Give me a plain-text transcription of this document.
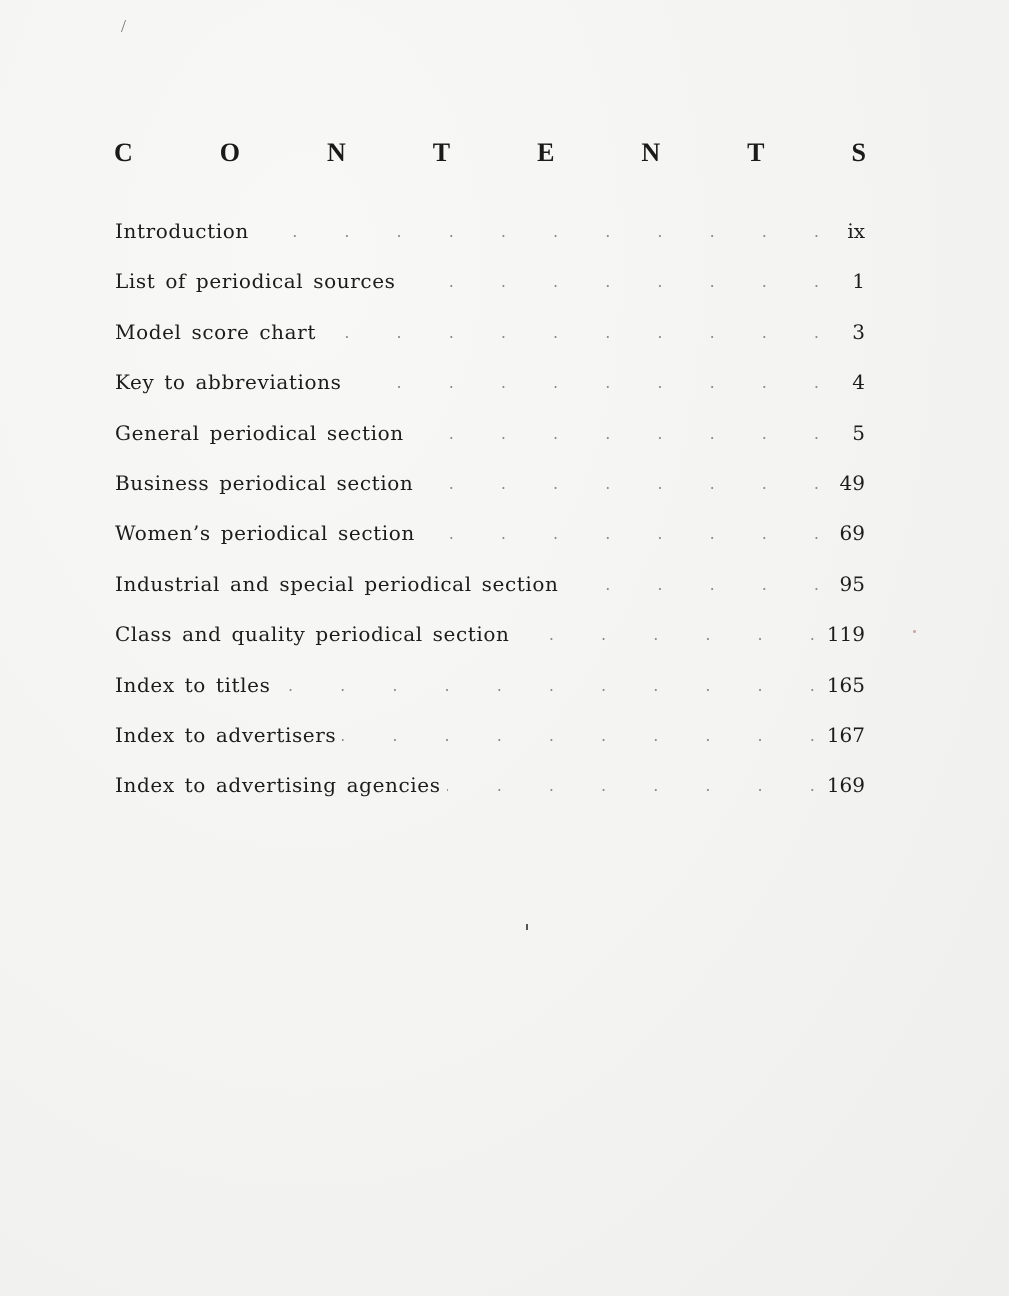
/
C	O	N	T	E	N	T	S
Introduction . . .	ix
List of periodical sources . . .	1
Model score chart . . .	3
Key to abbreviations . . .	4
General periodical section . . .	5
Business periodical section . . .	49
Women’s periodical section . . .	69
Industrial and special periodical section . . .	95
Class and quality periodical section . . .	119
Index to titles . . .	165
Index to advertisers . . .	167
Index to advertising agencies . . .	169
